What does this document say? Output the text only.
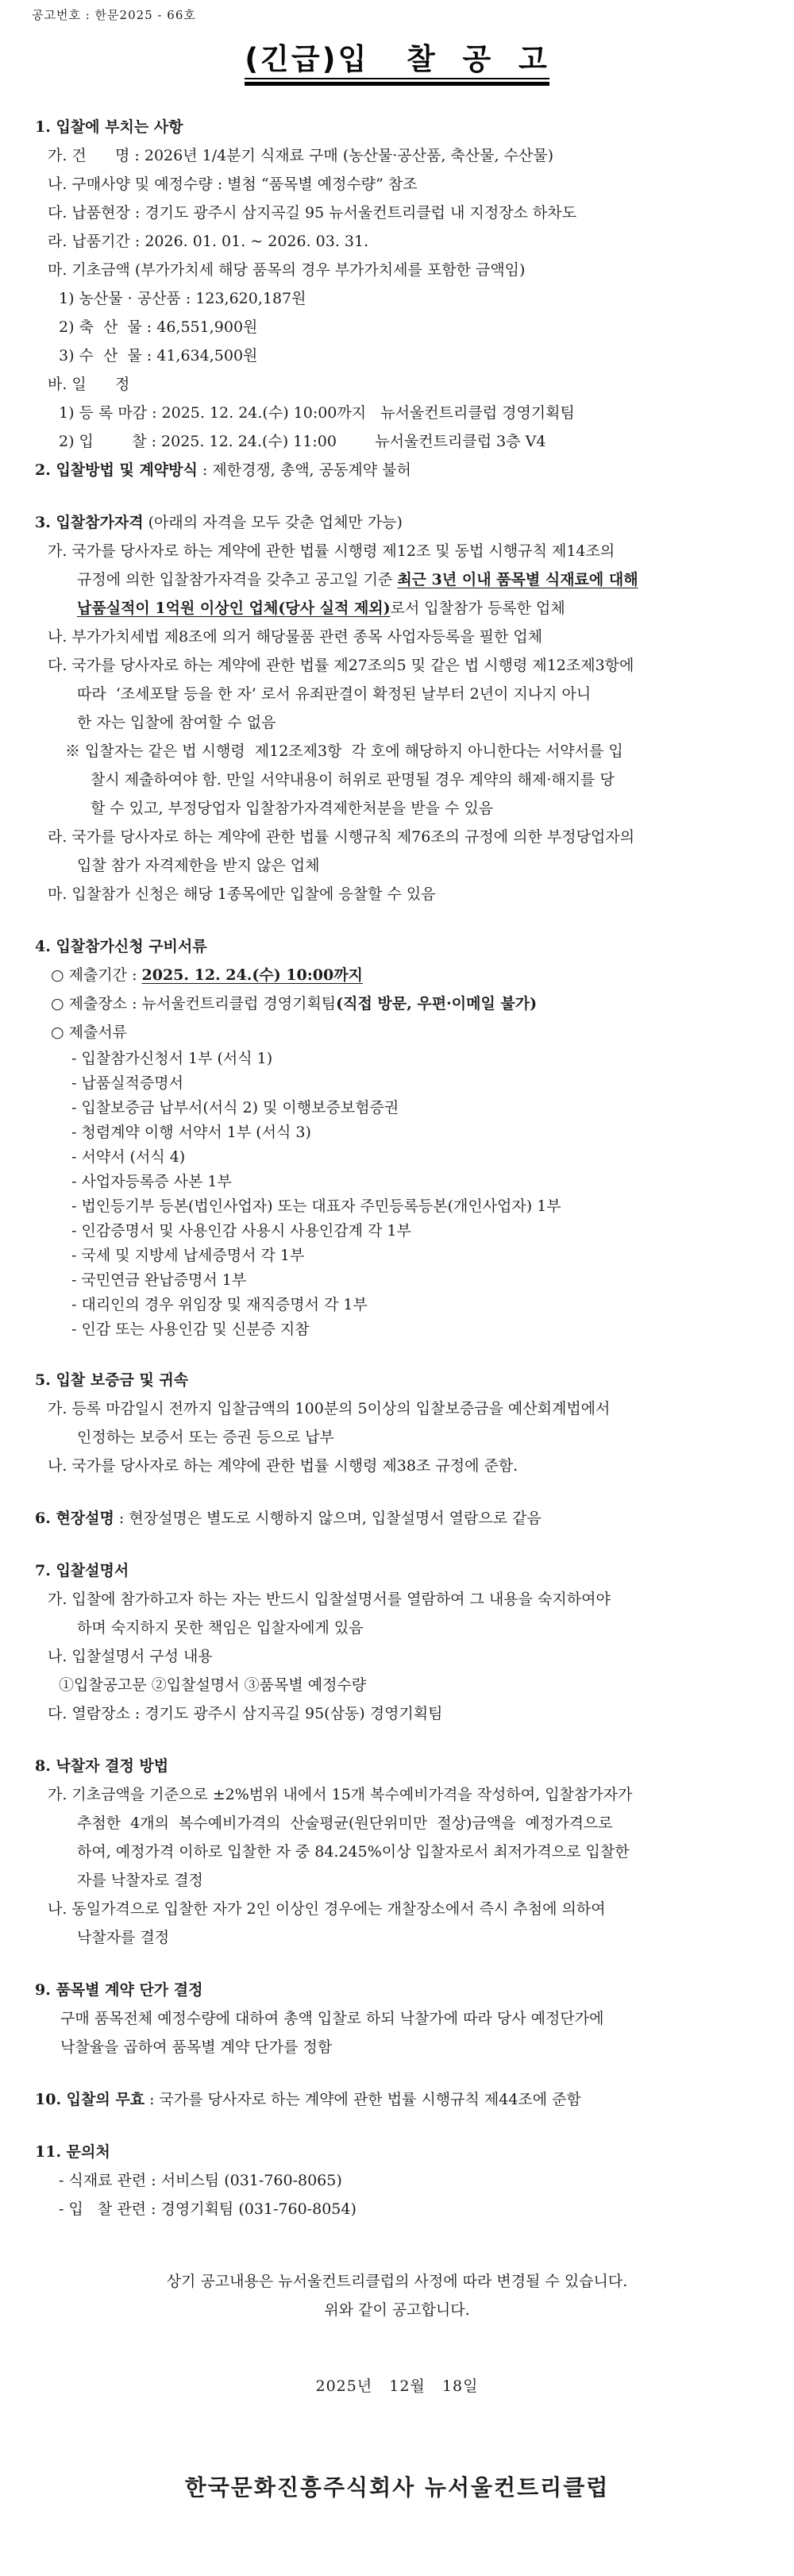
공고번호 : 한문2025 - 66호
(긴급)입   찰  공  고
1. 입찰에 부치는 사항
가. 건      명 : 2026년 1/4분기 식재료 구매 (농산물·공산품, 축산물, 수산물)
나. 구매사양 및 예정수량 : 별첨 “품목별 예정수량” 참조
다. 납품현장 : 경기도 광주시 삼지곡길 95 뉴서울컨트리클럽 내 지정장소 하차도
라. 납품기간 : 2026. 01. 01. ~ 2026. 03. 31.
마. 기초금액 (부가가치세 해당 품목의 경우 부가가치세를 포함한 금액임)
1) 농산물 · 공산품 : 123,620,187원
2) 축  산  물 : 46,551,900원
3) 수  산  물 : 41,634,500원
바. 일      정
1) 등 록 마감 : 2025. 12. 24.(수) 10:00까지   뉴서울컨트리클럽 경영기획팀
2) 입        찰 : 2025. 12. 24.(수) 11:00        뉴서울컨트리클럽 3층 V4
2. 입찰방법 및 계약방식 : 제한경쟁, 총액, 공동계약 불허
3. 입찰참가자격 (아래의 자격을 모두 갖춘 업체만 가능)
가. 국가를 당사자로 하는 계약에 관한 법률 시행령 제12조 및 동법 시행규칙 제14조의
규정에 의한 입찰참가자격을 갖추고 공고일 기준 최근 3년 이내 품목별 식재료에 대해
납품실적이 1억원 이상인 업체(당사 실적 제외)로서 입찰참가 등록한 업체
나. 부가가치세법 제8조에 의거 해당물품 관련 종목 사업자등록을 필한 업체
다. 국가를 당사자로 하는 계약에 관한 법률 제27조의5 및 같은 법 시행령 제12조제3항에
따라  ‘조세포탈 등을 한 자’ 로서 유죄판결이 확정된 날부터 2년이 지나지 아니
한 자는 입찰에 참여할 수 없음
※ 입찰자는 같은 법 시행령  제12조제3항  각 호에 해당하지 아니한다는 서약서를 입
찰시 제출하여야 함. 만일 서약내용이 허위로 판명될 경우 계약의 해제·해지를 당
할 수 있고, 부정당업자 입찰참가자격제한처분을 받을 수 있음
라. 국가를 당사자로 하는 계약에 관한 법률 시행규칙 제76조의 규정에 의한 부정당업자의
입찰 참가 자격제한을 받지 않은 업체
마. 입찰참가 신청은 해당 1종목에만 입찰에 응찰할 수 있음
4. 입찰참가신청 구비서류
○ 제출기간 : 2025. 12. 24.(수) 10:00까지
○ 제출장소 : 뉴서울컨트리클럽 경영기획팀(직접 방문, 우편·이메일 불가)
○ 제출서류
- 입찰참가신청서 1부 (서식 1)
- 납품실적증명서
- 입찰보증금 납부서(서식 2) 및 이행보증보험증권
- 청렴계약 이행 서약서 1부 (서식 3)
- 서약서 (서식 4)
- 사업자등록증 사본 1부
- 법인등기부 등본(법인사업자) 또는 대표자 주민등록등본(개인사업자) 1부
- 인감증명서 및 사용인감 사용시 사용인감계 각 1부
- 국세 및 지방세 납세증명서 각 1부
- 국민연금 완납증명서 1부
- 대리인의 경우 위임장 및 재직증명서 각 1부
- 인감 또는 사용인감 및 신분증 지참
5. 입찰 보증금 및 귀속
가. 등록 마감일시 전까지 입찰금액의 100분의 5이상의 입찰보증금을 예산회계법에서
인정하는 보증서 또는 증권 등으로 납부
나. 국가를 당사자로 하는 계약에 관한 법률 시행령 제38조 규정에 준함.
6. 현장설명 : 현장설명은 별도로 시행하지 않으며, 입찰설명서 열람으로 같음
7. 입찰설명서
가. 입찰에 참가하고자 하는 자는 반드시 입찰설명서를 열람하여 그 내용을 숙지하여야
하며 숙지하지 못한 책임은 입찰자에게 있음
나. 입찰설명서 구성 내용
①입찰공고문 ②입찰설명서 ③품목별 예정수량
다. 열람장소 : 경기도 광주시 삼지곡길 95(삼동) 경영기획팀
8. 낙찰자 결정 방법
가. 기초금액을 기준으로 ±2%범위 내에서 15개 복수예비가격을 작성하여, 입찰참가자가
추첨한  4개의  복수예비가격의  산술평균(원단위미만  절상)금액을  예정가격으로
하여, 예정가격 이하로 입찰한 자 중 84.245%이상 입찰자로서 최저가격으로 입찰한
자를 낙찰자로 결정
나. 동일가격으로 입찰한 자가 2인 이상인 경우에는 개찰장소에서 즉시 추첨에 의하여
낙찰자를 결정
9. 품목별 계약 단가 결정
구매 품목전체 예정수량에 대하여 총액 입찰로 하되 낙찰가에 따라 당사 예정단가에
낙찰율을 곱하여 품목별 계약 단가를 정함
10. 입찰의 무효 : 국가를 당사자로 하는 계약에 관한 법률 시행규칙 제44조에 준함
11. 문의처
- 식재료 관련 : 서비스팀 (031-760-8065)
- 입   찰 관련 : 경영기획팀 (031-760-8054)
상기 공고내용은 뉴서울컨트리클럽의 사정에 따라 변경될 수 있습니다.
위와 같이 공고합니다.
2025년   12월   18일
한국문화진흥주식회사 뉴서울컨트리클럽
